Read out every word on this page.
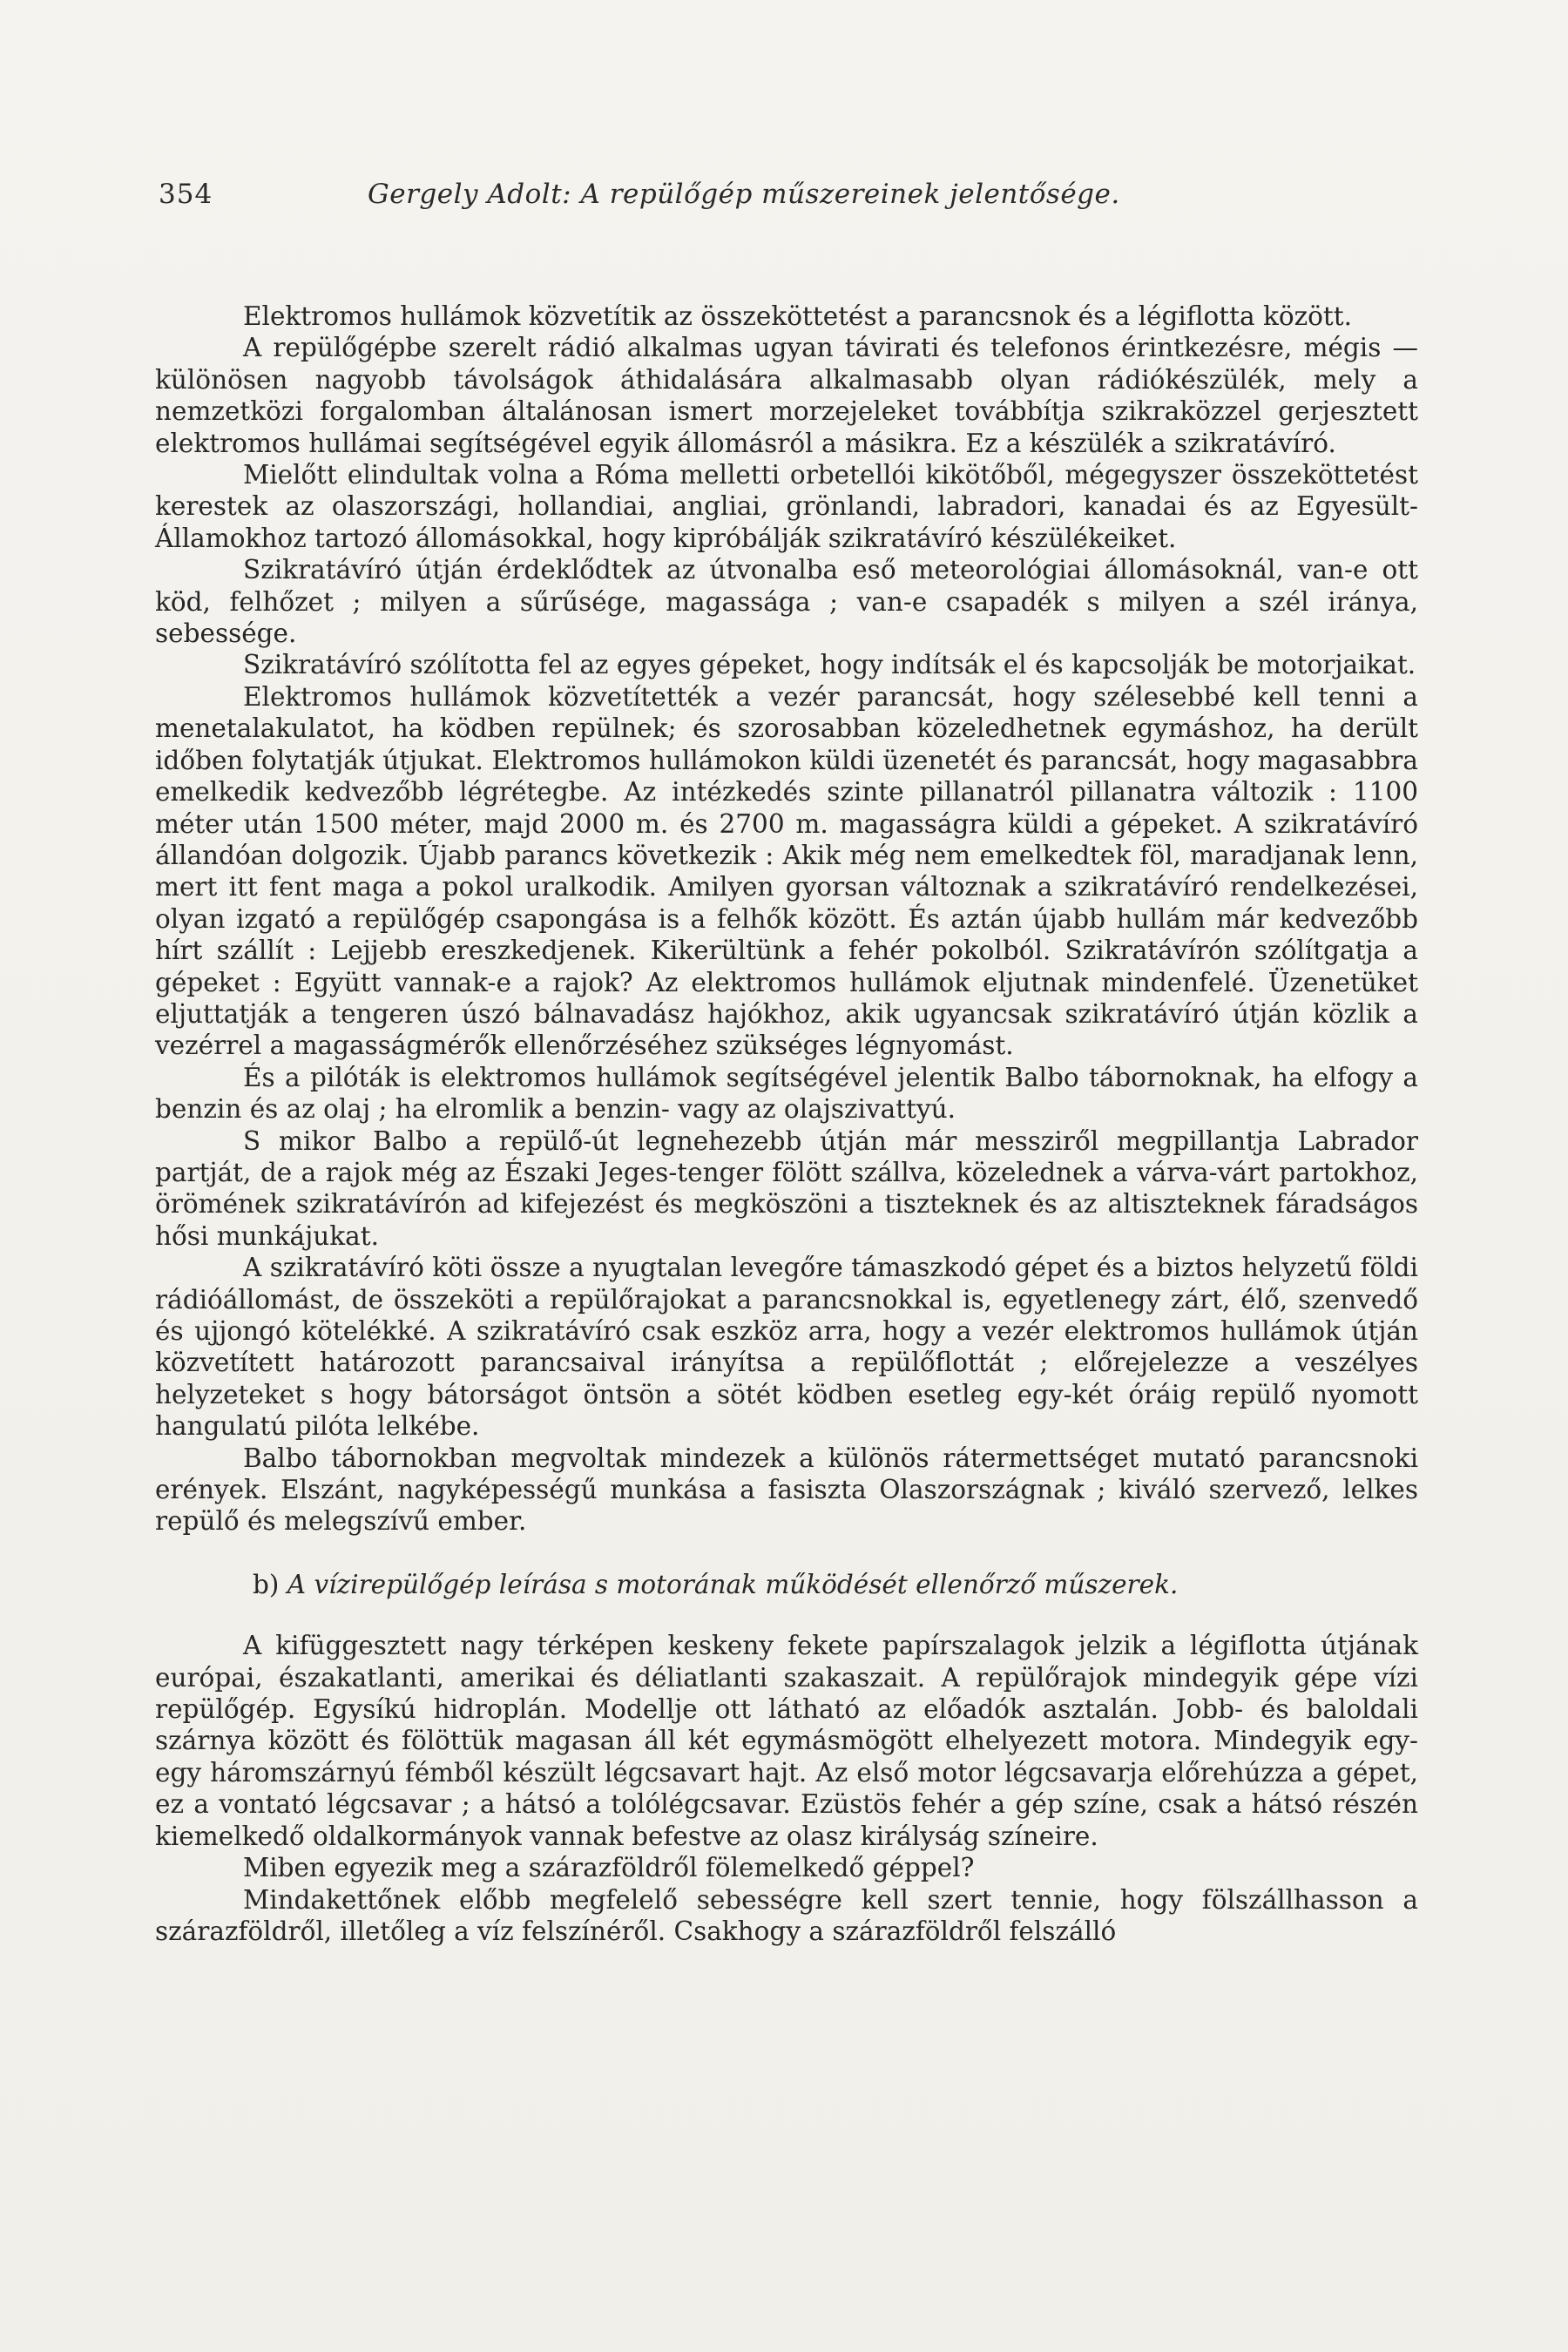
354	Gergely Adolt: A repülőgép műszereinek jelentősége.

Elektromos hullámok közvetítik az összeköttetést a parancsnok és a légiflotta között.

A repülőgépbe szerelt rádió alkalmas ugyan távirati és telefonos érintkezésre, mégis — különösen nagyobb távolságok áthidalására alkalmasabb olyan rádiókészülék, mely a nemzetközi forgalomban általánosan ismert morzejeleket továbbítja szikraközzel gerjesztett elektromos hullámai segítségével egyik állomásról a másikra. Ez a készülék a szikratávíró.

Mielőtt elindultak volna a Róma melletti orbetellói kikötőből, mégegyszer összeköttetést kerestek az olaszországi, hollandiai, angliai, grönlandi, labradori, kanadai és az Egyesült-Államokhoz tartozó állomásokkal, hogy kipróbálják szikratávíró készülékeiket.

Szikratávíró útján érdeklődtek az útvonalba eső meteorológiai állomásoknál, van-e ott köd, felhőzet ; milyen a sűrűsége, magassága ; van-e csapadék s milyen a szél iránya, sebessége.

Szikratávíró szólította fel az egyes gépeket, hogy indítsák el és kapcsolják be motorjaikat.

Elektromos hullámok közvetítették a vezér parancsát, hogy szélesebbé kell tenni a menetalakulatot, ha ködben repülnek; és szorosabban közeledhetnek egymáshoz, ha derült időben folytatják útjukat. Elektromos hullámokon küldi üzenetét és parancsát, hogy magasabbra emelkedik kedvezőbb légrétegbe. Az intézkedés szinte pillanatról pillanatra változik : 1100 méter után 1500 méter, majd 2000 m. és 2700 m. magasságra küldi a gépeket. A szikratávíró állandóan dolgozik. Újabb parancs következik : Akik még nem emelkedtek föl, maradjanak lenn, mert itt fent maga a pokol uralkodik. Amilyen gyorsan változnak a szikratávíró rendelkezései, olyan izgató a repülőgép csapongása is a felhők között. És aztán újabb hullám már kedvezőbb hírt szállít : Lejjebb ereszkedjenek. Kikerültünk a fehér pokolból. Szikratávírón szólítgatja a gépeket : Együtt vannak-e a rajok? Az elektromos hullámok eljutnak mindenfelé. Üzenetüket eljuttatják a tengeren úszó bálnavadász hajókhoz, akik ugyancsak szikratávíró útján közlik a vezérrel a magasságmérők ellenőrzéséhez szükséges légnyomást.

És a pilóták is elektromos hullámok segítségével jelentik Balbo tábornoknak, ha elfogy a benzin és az olaj ; ha elromlik a benzin- vagy az olajszivattyú.

S mikor Balbo a repülő-út legnehezebb útján már messziről megpillantja Labrador partját, de a rajok még az Északi Jeges-tenger fölött szállva, közelednek a várva-várt partokhoz, örömének szikratávírón ad kifejezést és megköszöni a tiszteknek és az altiszteknek fáradságos hősi munkájukat.

A szikratávíró köti össze a nyugtalan levegőre támaszkodó gépet és a biztos helyzetű földi rádióállomást, de összeköti a repülőrajokat a parancsnokkal is, egyetlenegy zárt, élő, szenvedő és ujjongó kötelékké. A szikratávíró csak eszköz arra, hogy a vezér elektromos hullámok útján közvetített határozott parancsaival irányítsa a repülőflottát ; előrejelezze a veszélyes helyzeteket s hogy bátorságot öntsön a sötét ködben esetleg egy-két óráig repülő nyomott hangulatú pilóta lelkébe.

Balbo tábornokban megvoltak mindezek a különös rátermettséget mutató parancsnoki erények. Elszánt, nagyképességű munkása a fasiszta Olaszországnak ; kiváló szervező, lelkes repülő és melegszívű ember.

b) A vízirepülőgép leírása s motorának működését ellenőrző műszerek.

A kifüggesztett nagy térképen keskeny fekete papírszalagok jelzik a légiflotta útjának európai, északatlanti, amerikai és déliatlanti szakaszait. A repülőrajok mindegyik gépe vízi repülőgép. Egysíkú hidroplán. Modellje ott látható az előadók asztalán. Jobb- és baloldali szárnya között és fölöttük magasan áll két egymásmögött elhelyezett motora. Mindegyik egy-egy háromszárnyú fémből készült légcsavart hajt. Az első motor légcsavarja előrehúzza a gépet, ez a vontató légcsavar ; a hátsó a tolólégcsavar. Ezüstös fehér a gép színe, csak a hátsó részén kiemelkedő oldalkormányok vannak befestve az olasz királyság színeire.

Miben egyezik meg a szárazföldről fölemelkedő géppel?

Mindakettőnek előbb megfelelő sebességre kell szert tennie, hogy fölszállhasson a szárazföldről, illetőleg a víz felszínéről. Csakhogy a szárazföldről felszálló
